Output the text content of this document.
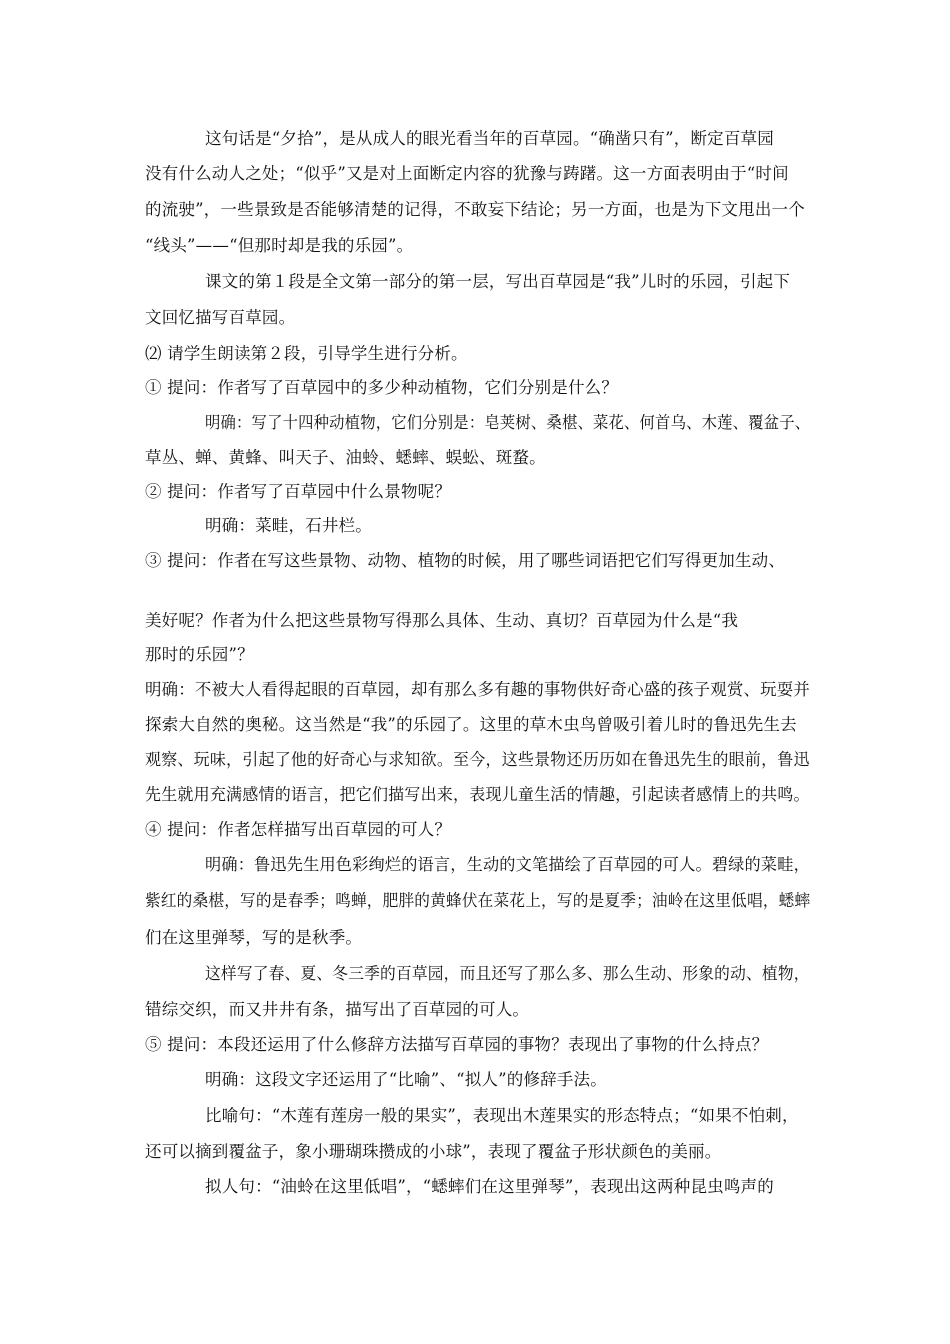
这句话是“夕拾”，是从成人的眼光看当年的百草园。“确凿只有”，断定百草园
没有什么动人之处；“似乎”又是对上面断定内容的犹豫与踌躇。这一方面表明由于“时间
的流驶”，一些景致是否能够清楚的记得，不敢妄下结论；另一方面，也是为下文甩出一个
“线头”——“但那时却是我的乐园”。
课文的第１段是全文第一部分的第一层，写出百草园是“我”儿时的乐园，引起下
文回忆描写百草园。
⑵ 请学生朗读第２段，引导学生进行分析。
① 提问：作者写了百草园中的多少种动植物，它们分别是什么？
明确：写了十四种动植物，它们分别是：皂荚树、桑椹、菜花、何首乌、木莲、覆盆子、
草丛、蝉、黄蜂、叫天子、油蛉、蟋蟀、蜈蚣、斑蝥。
② 提问：作者写了百草园中什么景物呢？
明确：菜畦，石井栏。
③ 提问：作者在写这些景物、动物、植物的时候，用了哪些词语把它们写得更加生动、
美好呢？作者为什么把这些景物写得那么具体、生动、真切？百草园为什么是“我
那时的乐园”？
明确：不被大人看得起眼的百草园，却有那么多有趣的事物供好奇心盛的孩子观赏、玩耍并
探索大自然的奥秘。这当然是“我”的乐园了。这里的草木虫鸟曾吸引着儿时的鲁迅先生去
观察、玩味，引起了他的好奇心与求知欲。至今，这些景物还历历如在鲁迅先生的眼前，鲁迅
先生就用充满感情的语言，把它们描写出来，表现儿童生活的情趣，引起读者感情上的共鸣。
④ 提问：作者怎样描写出百草园的可人？
明确：鲁迅先生用色彩绚烂的语言，生动的文笔描绘了百草园的可人。碧绿的菜畦，
紫红的桑椹，写的是春季；鸣蝉，肥胖的黄蜂伏在菜花上，写的是夏季；油岭在这里低唱，蟋蟀
们在这里弹琴，写的是秋季。
这样写了春、夏、冬三季的百草园，而且还写了那么多、那么生动、形象的动、植物，
错综交织，而又井井有条，描写出了百草园的可人。
⑤ 提问：本段还运用了什么修辞方法描写百草园的事物？表现出了事物的什么持点？
明确：这段文字还运用了“比喻”、“拟人”的修辞手法。
比喻句：“木莲有莲房一般的果实”，表现出木莲果实的形态特点；“如果不怕刺，
还可以摘到覆盆子，象小珊瑚珠攒成的小球”，表现了覆盆子形状颜色的美丽。
拟人句：“油蛉在这里低唱”，“蟋蟀们在这里弹琴”，表现出这两种昆虫鸣声的
